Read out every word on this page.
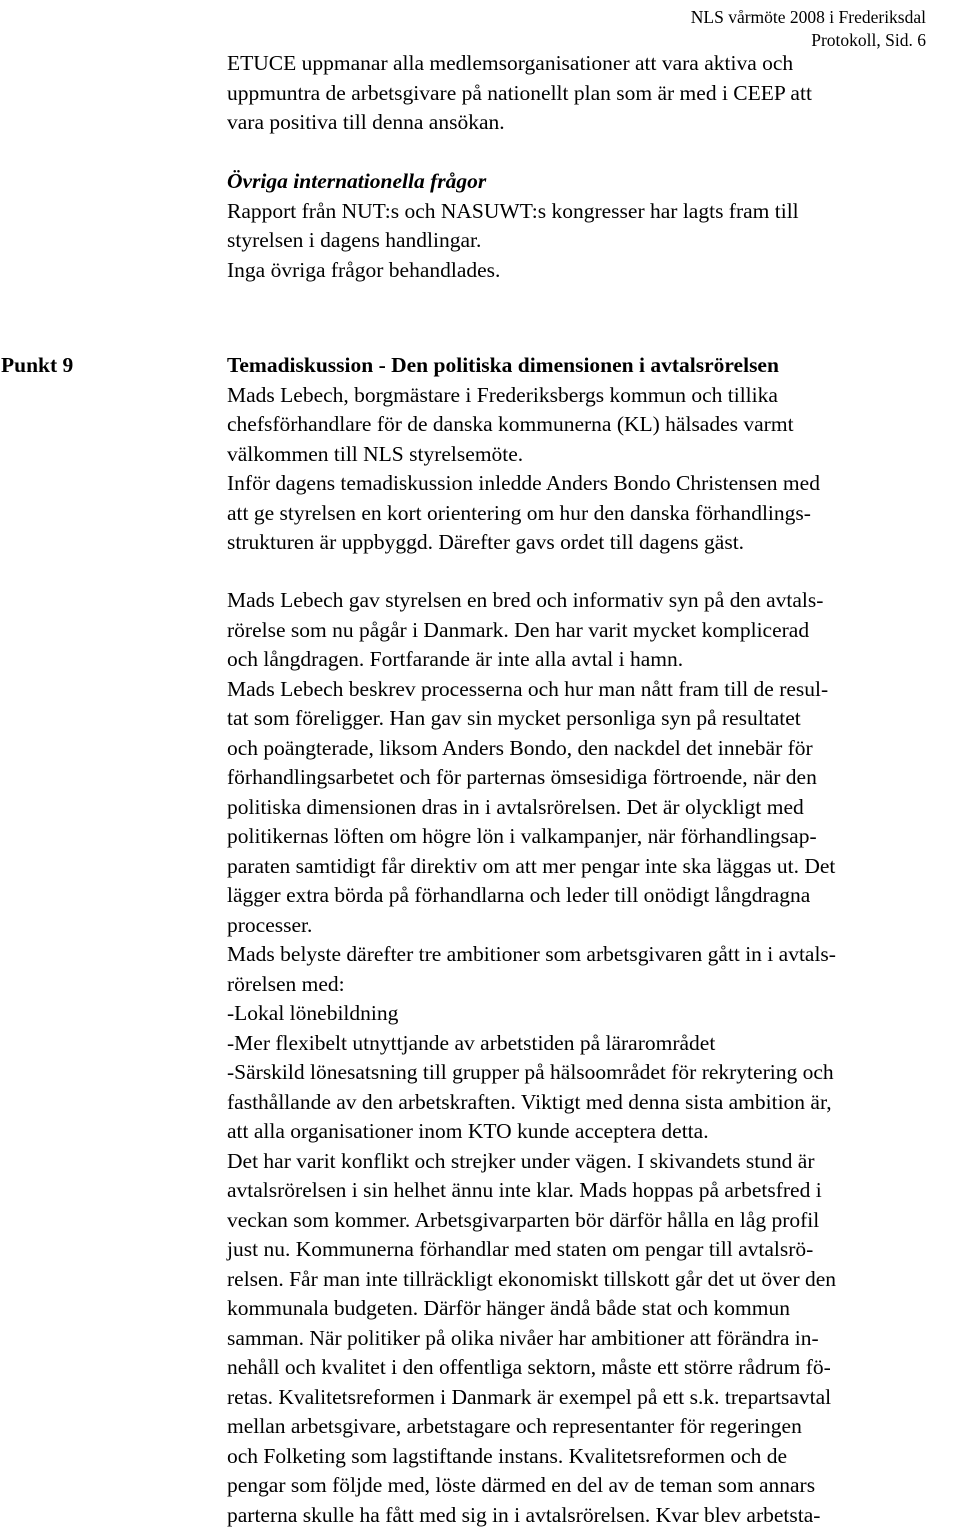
NLS vårmöte 2008 i Frederiksdal
Protokoll, Sid. 6
ETUCE uppmanar alla medlemsorganisationer att vara aktiva och
uppmuntra de arbetsgivare på nationellt plan som är med i CEEP att
vara positiva till denna ansökan.
Övriga internationella frågor
Rapport från NUT:s och NASUWT:s kongresser har lagts fram till
styrelsen i dagens handlingar.
Inga övriga frågor behandlades.
Punkt 9	Temadiskussion - Den politiska dimensionen i avtalsrörelsen
Mads Lebech, borgmästare i Frederiksbergs kommun och tillika
chefsförhandlare för de danska kommunerna (KL) hälsades varmt
välkommen till NLS styrelsemöte.
Inför dagens temadiskussion inledde Anders Bondo Christensen med
att ge styrelsen en kort orientering om hur den danska förhandlings-
strukturen är uppbyggd. Därefter gavs ordet till dagens gäst.
Mads Lebech gav styrelsen en bred och informativ syn på den avtals-
rörelse som nu pågår i Danmark. Den har varit mycket komplicerad
och långdragen. Fortfarande är inte alla avtal i hamn.
Mads Lebech beskrev processerna och hur man nått fram till de resul-
tat som föreligger. Han gav sin mycket personliga syn på resultatet
och poängterade, liksom Anders Bondo, den nackdel det innebär för
förhandlingsarbetet och för parternas ömsesidiga förtroende, när den
politiska dimensionen dras in i avtalsrörelsen. Det är olyckligt med
politikernas löften om högre lön i valkampanjer, när förhandlingsap-
paraten samtidigt får direktiv om att mer pengar inte ska läggas ut. Det
lägger extra börda på förhandlarna och leder till onödigt långdragna
processer.
Mads belyste därefter tre ambitioner som arbetsgivaren gått in i avtals-
rörelsen med:
-Lokal lönebildning
-Mer flexibelt utnyttjande av arbetstiden på lärarområdet
-Särskild lönesatsning till grupper på hälsoområdet för rekrytering och
fasthållande av den arbetskraften. Viktigt med denna sista ambition är,
att alla organisationer inom KTO kunde acceptera detta.
Det har varit konflikt och strejker under vägen. I skivandets stund är
avtalsrörelsen i sin helhet ännu inte klar. Mads hoppas på arbetsfred i
veckan som kommer. Arbetsgivarparten bör därför hålla en låg profil
just nu. Kommunerna förhandlar med staten om pengar till avtalsrö-
relsen. Får man inte tillräckligt ekonomiskt tillskott går det ut över den
kommunala budgeten. Därför hänger ändå både stat och kommun
samman. När politiker på olika nivåer har ambitioner att förändra in-
nehåll och kvalitet i den offentliga sektorn, måste ett större rådrum fö-
retas. Kvalitetsreformen i Danmark är exempel på ett s.k. trepartsavtal
mellan arbetsgivare, arbetstagare och representanter för regeringen
och Folketing som lagstiftande instans. Kvalitetsreformen och de
pengar som följde med, löste därmed en del av de teman som annars
parterna skulle ha fått med sig in i avtalsrörelsen. Kvar blev arbetsta-
